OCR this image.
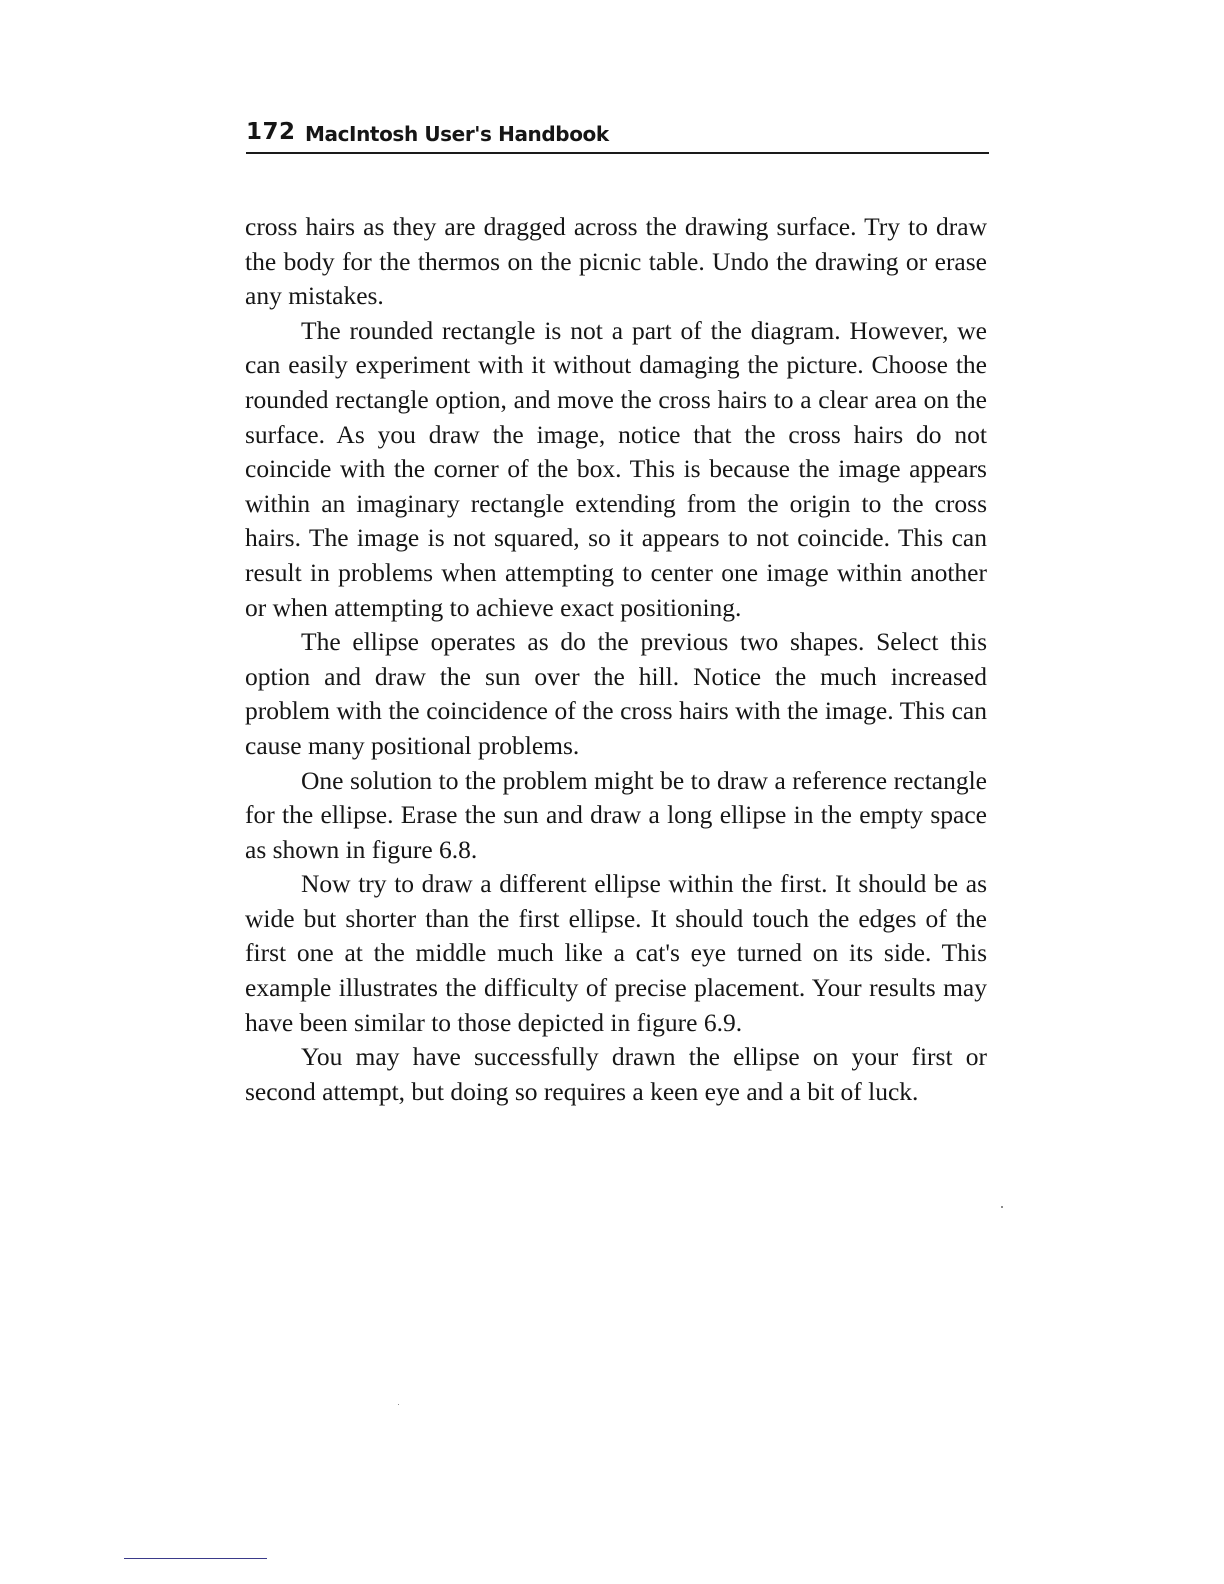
172 MacIntosh User's Handbook

cross hairs as they are dragged across the drawing surface. Try to draw the body for the thermos on the picnic table. Undo the drawing or erase any mistakes.

The rounded rectangle is not a part of the diagram. However, we can easily experiment with it without damaging the picture. Choose the rounded rectangle option, and move the cross hairs to a clear area on the surface. As you draw the image, notice that the cross hairs do not coincide with the corner of the box. This is because the image appears within an imaginary rectangle extending from the origin to the cross hairs. The image is not squared, so it appears to not coincide. This can result in problems when attempting to center one image within another or when attempting to achieve exact positioning.

The ellipse operates as do the previous two shapes. Select this option and draw the sun over the hill. Notice the much increased problem with the coincidence of the cross hairs with the image. This can cause many positional problems.

One solution to the problem might be to draw a reference rectangle for the ellipse. Erase the sun and draw a long ellipse in the empty space as shown in figure 6.8.

Now try to draw a different ellipse within the first. It should be as wide but shorter than the first ellipse. It should touch the edges of the first one at the middle much like a cat's eye turned on its side. This example illustrates the difficulty of precise placement. Your results may have been similar to those depicted in figure 6.9.

You may have successfully drawn the ellipse on your first or second attempt, but doing so requires a keen eye and a bit of luck.
